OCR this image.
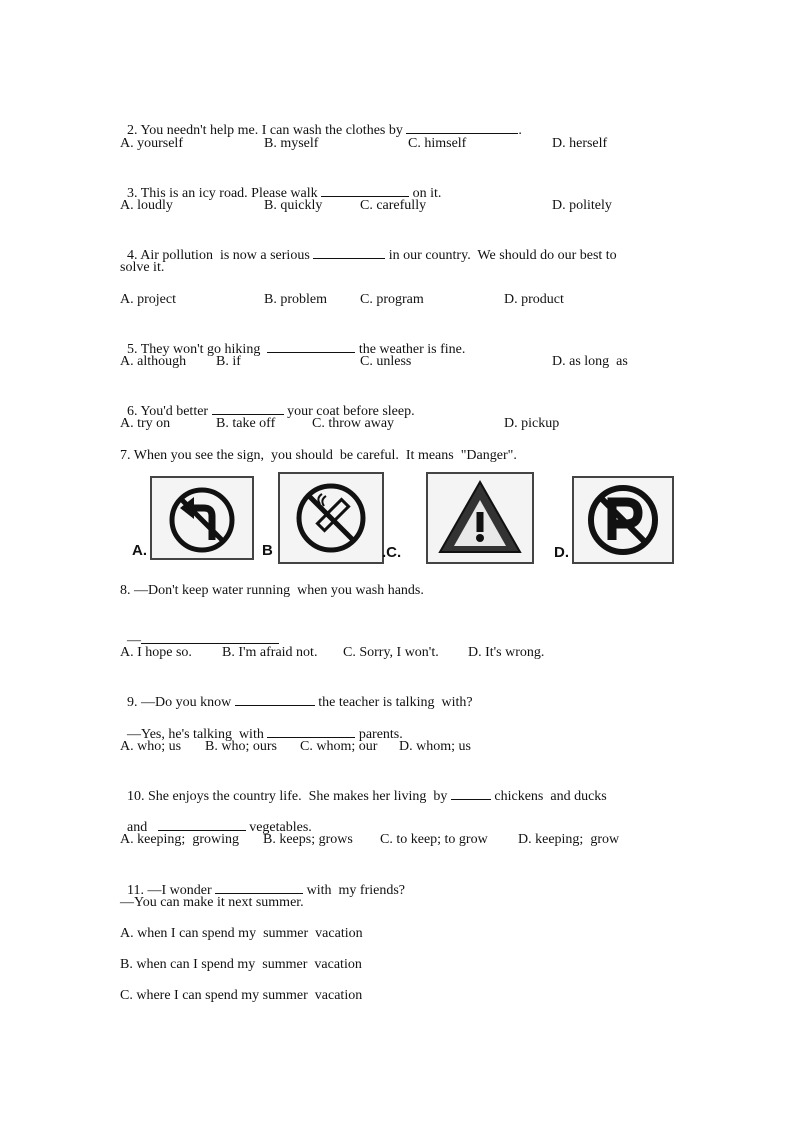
2. You needn't help me. I can wash the clothes by	.

A. yourself	B. myself	C. himself	D. herself

3. This is an icy road. Please walk	on it.

A. loudly	B. quickly	C. carefully	D. politely

4. Air pollution  is now a serious	in our country.  We should do our best to

solve it.
A. project	B. problem C. program	D. product

5. They won't go hiking	the weather is fine.

A. although B. if	C. unless	D. as long  as

6. You'd better	your coat before sleep.

A. try on	B. take off	C. throw away	D. pickup
7. When you see the sign,  you should  be careful.  It means  "Danger".
A.	B	.C.	D.
8. —Don't keep water running  when you wash hands.

—

A. I hope so. B. I'm afraid not. C. Sorry, I won't. D. It's wrong.

9. —Do you know	the teacher is talking  with?

—Yes, he's talking  with	parents.

A. who; us B. who; ours C. whom; our D. whom; us

10. She enjoys the country life.  She makes her living  by	chickens  and ducks

and	vegetables.

A. keeping;  growing B. keeps; grows C. to keep; to grow D. keeping;  grow

11. —I wonder	with  my friends?

—You can make it next summer.
A. when I can spend my  summer  vacation
B. when can I spend my  summer  vacation
C. where I can spend my summer  vacation
